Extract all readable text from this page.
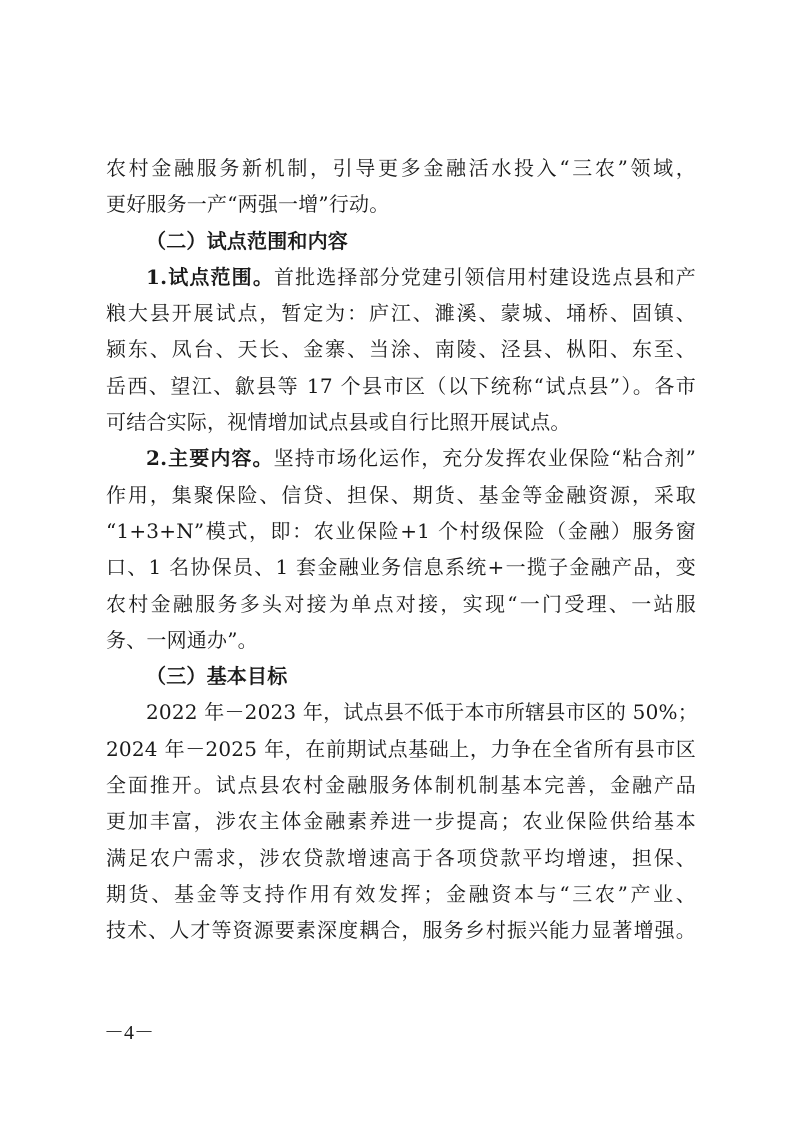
农村金融服务新机制，引导更多金融活水投入“三农”领域，
更好服务一产“两强一增”行动。
（二）试点范围和内容
1.试点范围。首批选择部分党建引领信用村建设选点县和产
粮大县开展试点，暂定为：庐江、濉溪、蒙城、埇桥、固镇、
颍东、凤台、天长、金寨、当涂、南陵、泾县、枞阳、东至、
岳西、望江、歙县等 17 个县市区（以下统称“试点县”）。各市
可结合实际，视情增加试点县或自行比照开展试点。
2.主要内容。坚持市场化运作，充分发挥农业保险“粘合剂”
作用，集聚保险、信贷、担保、期货、基金等金融资源，采取
“1+3+N”模式，即：农业保险+1 个村级保险（金融）服务窗
口、1 名协保员、1 套金融业务信息系统+一揽子金融产品，变
农村金融服务多头对接为单点对接，实现“一门受理、一站服
务、一网通办”。
（三）基本目标
2022 年－2023 年，试点县不低于本市所辖县市区的 50%；
2024 年－2025 年，在前期试点基础上，力争在全省所有县市区
全面推开。试点县农村金融服务体制机制基本完善，金融产品
更加丰富，涉农主体金融素养进一步提高；农业保险供给基本
满足农户需求，涉农贷款增速高于各项贷款平均增速，担保、
期货、基金等支持作用有效发挥；金融资本与“三农”产业、
技术、人才等资源要素深度耦合，服务乡村振兴能力显著增强。
－4－
